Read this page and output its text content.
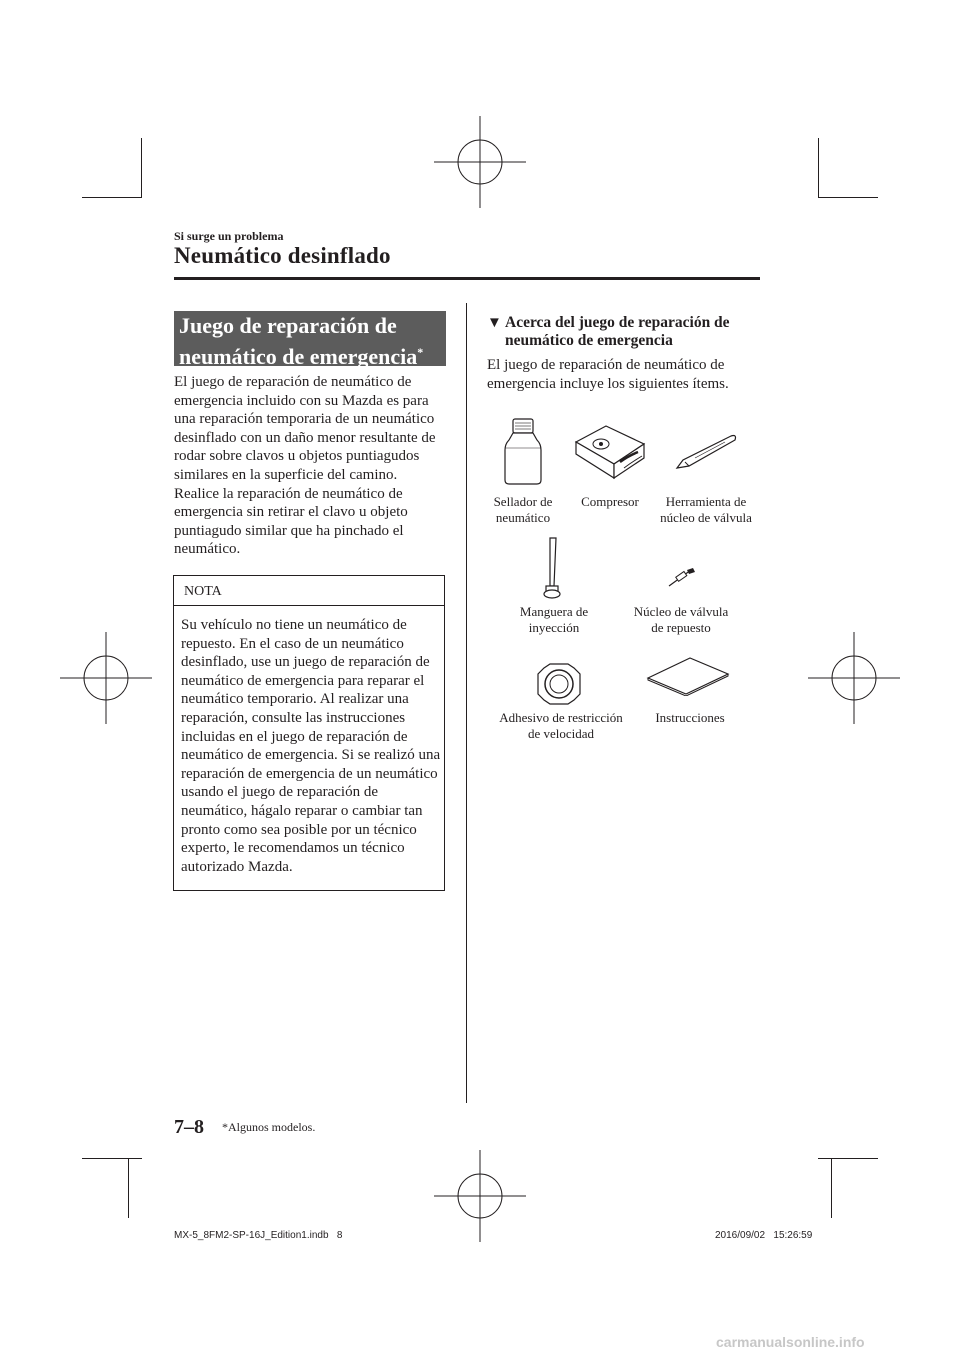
Si surge un problema
Neumático desinflado
Juego de reparación de
neumático de emergencia*
El juego de reparación de neumático de emergencia incluido con su Mazda es para una reparación temporaria de un neumático desinflado con un daño menor resultante de rodar sobre clavos u objetos puntiagudos similares en la superficie del camino.
Realice la reparación de neumático de emergencia sin retirar el clavo u objeto puntiagudo similar que ha pinchado el neumático.
NOTA
Su vehículo no tiene un neumático de repuesto. En el caso de un neumático desinflado, use un juego de reparación de neumático de emergencia para reparar el neumático temporario. Al realizar una reparación, consulte las instrucciones incluidas en el juego de reparación de neumático de emergencia. Si se realizó una reparación de emergencia de un neumático usando el juego de reparación de neumático, hágalo reparar o cambiar tan pronto como sea posible por un técnico experto, le recomendamos un técnico autorizado Mazda.
▼ Acerca del juego de reparación de neumático de emergencia
El juego de reparación de neumático de emergencia incluye los siguientes ítems.
Sellador de
neumático
Compresor	Herramienta de
núcleo de válvula
Manguera de
inyección
Núcleo de válvula
de repuesto
Adhesivo de restricción
de velocidad
Instrucciones
7–8 *Algunos modelos.
MX-5_8FM2-SP-16J_Edition1.indb   8	2016/09/02   15:26:59
carmanualsonline.info
